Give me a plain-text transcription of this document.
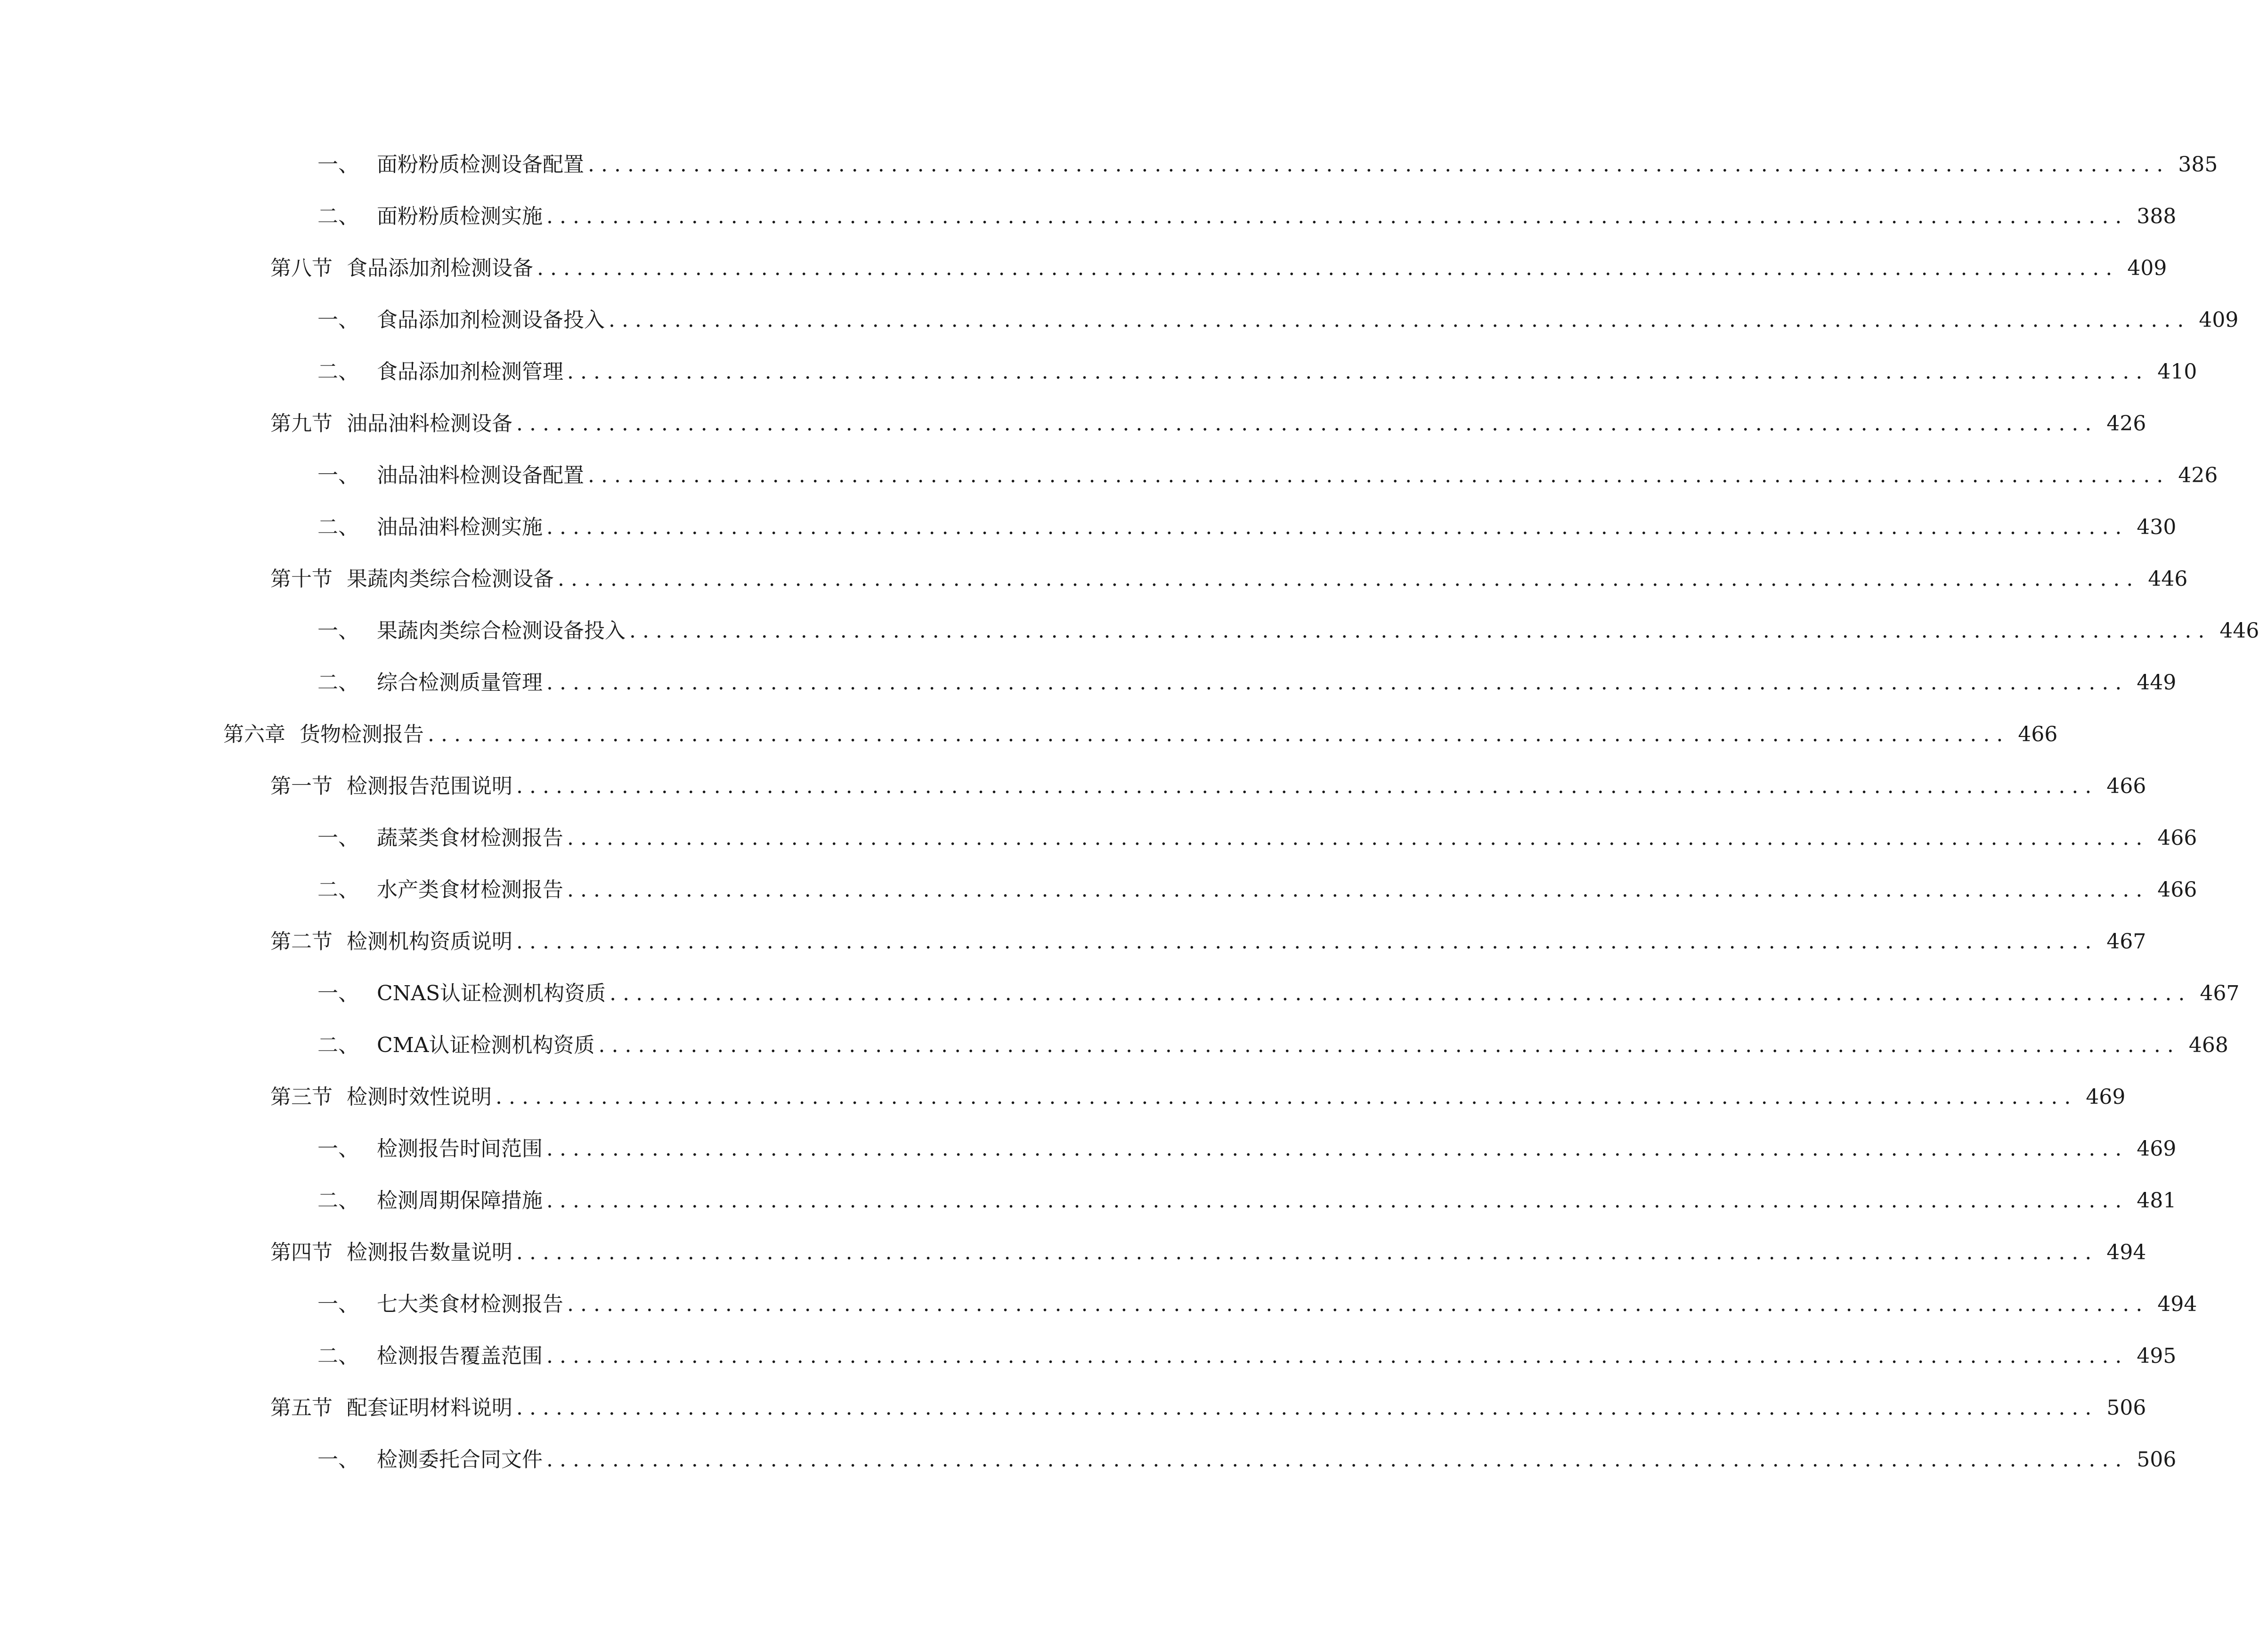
一、 面粉粉质检测设备配置 ........................................................................................................................ 385
二、 面粉粉质检测实施 ........................................................................................................................ 388
第八节 食品添加剂检测设备 ........................................................................................................................ 409
一、 食品添加剂检测设备投入 ........................................................................................................................ 409
二、 食品添加剂检测管理 ........................................................................................................................ 410
第九节 油品油料检测设备 ........................................................................................................................ 426
一、 油品油料检测设备配置 ........................................................................................................................ 426
二、 油品油料检测实施 ........................................................................................................................ 430
第十节 果蔬肉类综合检测设备 ........................................................................................................................ 446
一、 果蔬肉类综合检测设备投入 ........................................................................................................................ 446
二、 综合检测质量管理 ........................................................................................................................ 449
第六章 货物检测报告 ........................................................................................................................ 466
第一节 检测报告范围说明 ........................................................................................................................ 466
一、 蔬菜类食材检测报告 ........................................................................................................................ 466
二、 水产类食材检测报告 ........................................................................................................................ 466
第二节 检测机构资质说明 ........................................................................................................................ 467
一、 CNAS认证检测机构资质 ........................................................................................................................ 467
二、 CMA认证检测机构资质 ........................................................................................................................ 468
第三节 检测时效性说明 ........................................................................................................................ 469
一、 检测报告时间范围 ........................................................................................................................ 469
二、 检测周期保障措施 ........................................................................................................................ 481
第四节 检测报告数量说明 ........................................................................................................................ 494
一、 七大类食材检测报告 ........................................................................................................................ 494
二、 检测报告覆盖范围 ........................................................................................................................ 495
第五节 配套证明材料说明 ........................................................................................................................ 506
一、 检测委托合同文件 ........................................................................................................................ 506
